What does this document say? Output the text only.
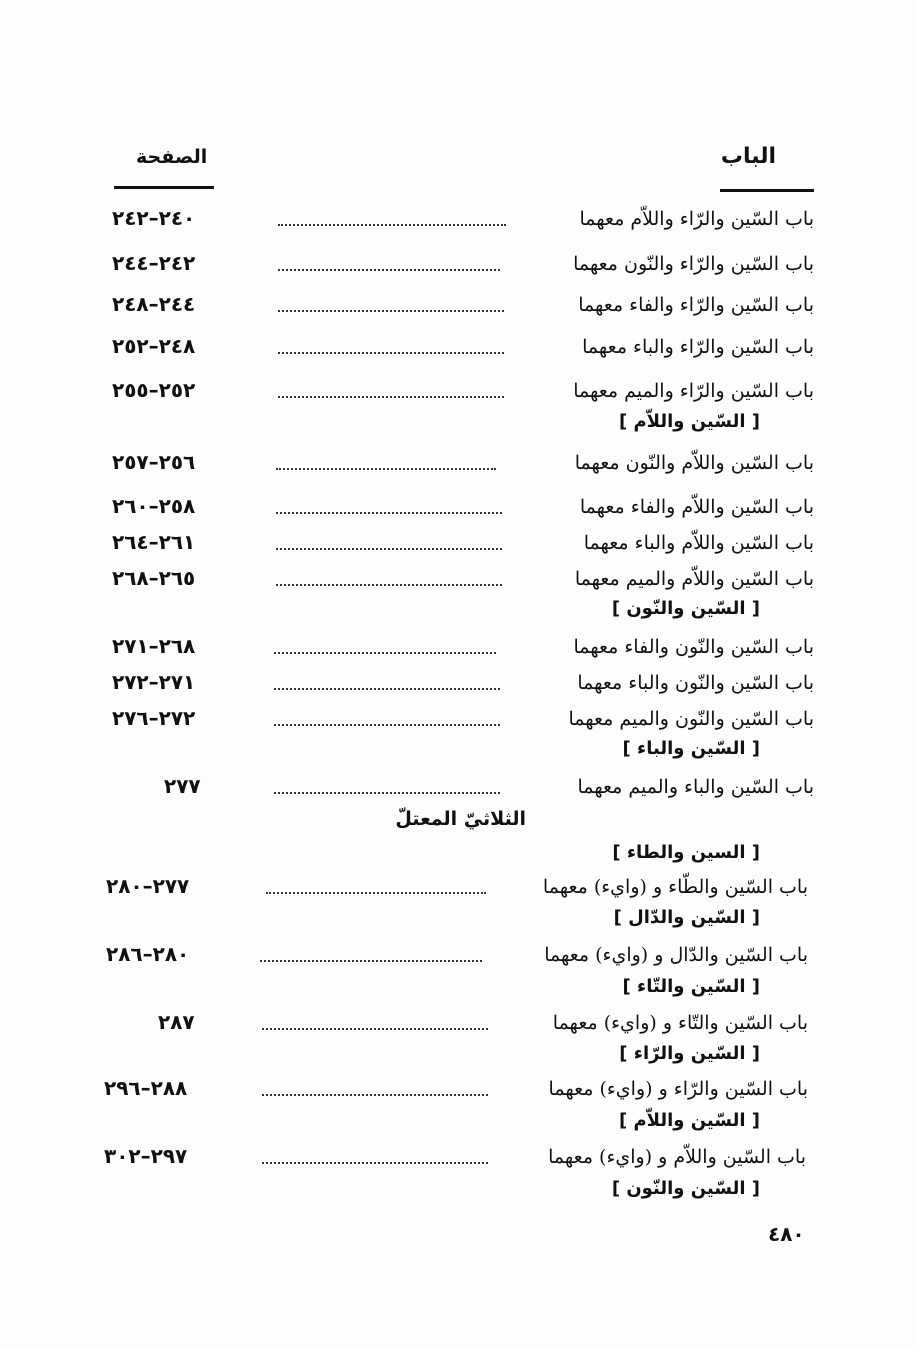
الباب
الصفحة
باب السّين والرّاء واللاّم معهما
٢٤٠–٢٤٢
باب السّين والرّاء والنّون معهما
٢٤٢–٢٤٤
باب السّين والرّاء والفاء معهما
٢٤٤–٢٤٨
باب السّين والرّاء والباء معهما
٢٤٨–٢٥٢
باب السّين والرّاء والميم معهما
٢٥٢–٢٥٥
[ السّين واللاّم ]
باب السّين واللاّم والنّون معهما
٢٥٦–٢٥٧
باب السّين واللاّم والفاء معهما
٢٥٨–٢٦٠
باب السّين واللاّم والباء معهما
٢٦١–٢٦٤
باب السّين واللاّم والميم معهما
٢٦٥–٢٦٨
[ السّين والنّون ]
باب السّين والنّون والفاء معهما
٢٦٨–٢٧١
باب السّين والنّون والباء معهما
٢٧١–٢٧٢
باب السّين والنّون والميم معهما
٢٧٢–٢٧٦
[ السّين والباء ]
باب السّين والباء والميم معهما
٢٧٧
الثلاثيّ المعتلّ
[ السين والطاء ]
باب السّين والطّاء و (وايء) معهما
٢٧٧–٢٨٠
[ السّين والدّال ]
باب السّين والدّال و (وايء) معهما
٢٨٠–٢٨٦
[ السّين والتّاء ]
باب السّين والتّاء و (وايء) معهما
٢٨٧
[ السّين والرّاء ]
باب السّين والرّاء و (وايء) معهما
٢٨٨–٢٩٦
[ السّين واللاّم ]
باب السّين واللاّم و (وايء) معهما
٢٩٧–٣٠٢
[ السّين والنّون ]
٤٨٠
